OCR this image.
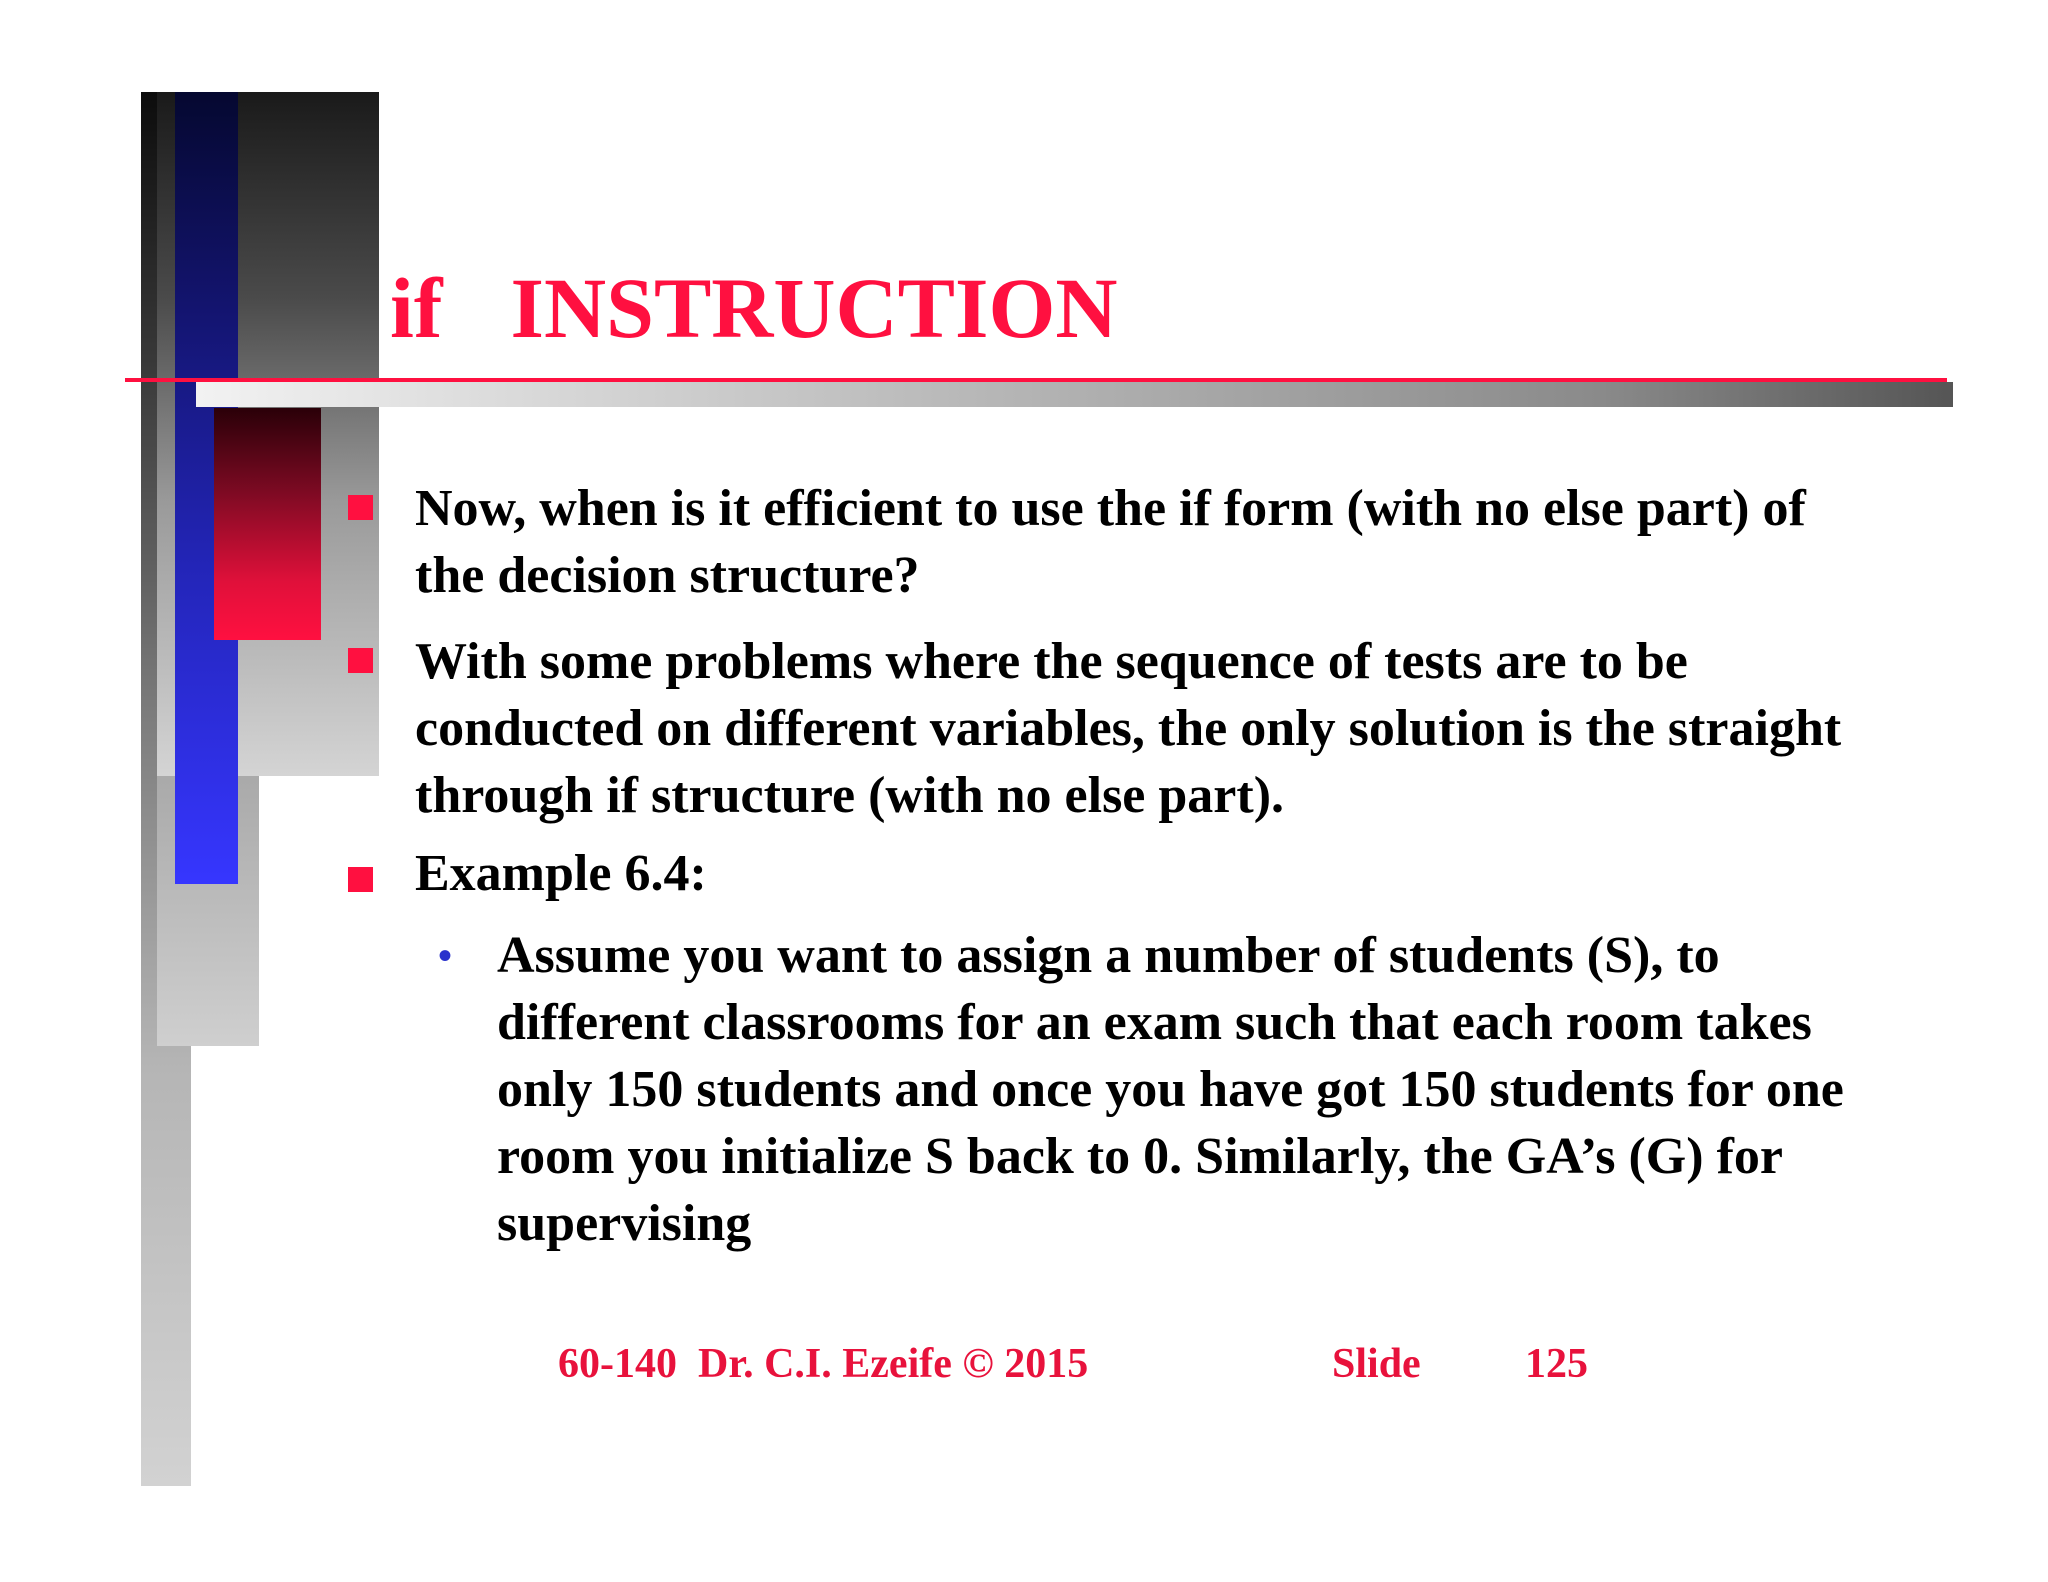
if INSTRUCTION

Now, when is it efficient to use the if form (with no else part) of the decision structure?

With some problems where the sequence of tests are to be conducted on different variables, the only solution is the straight through if structure (with no else part).

Example 6.4:

• Assume you want to assign a number of students (S), to different classrooms for an exam such that each room takes only 150 students and once you have got 150 students for one room you initialize S back to 0. Similarly, the GA’s (G) for supervising

60-140  Dr. C.I. Ezeife © 2015	Slide 125
